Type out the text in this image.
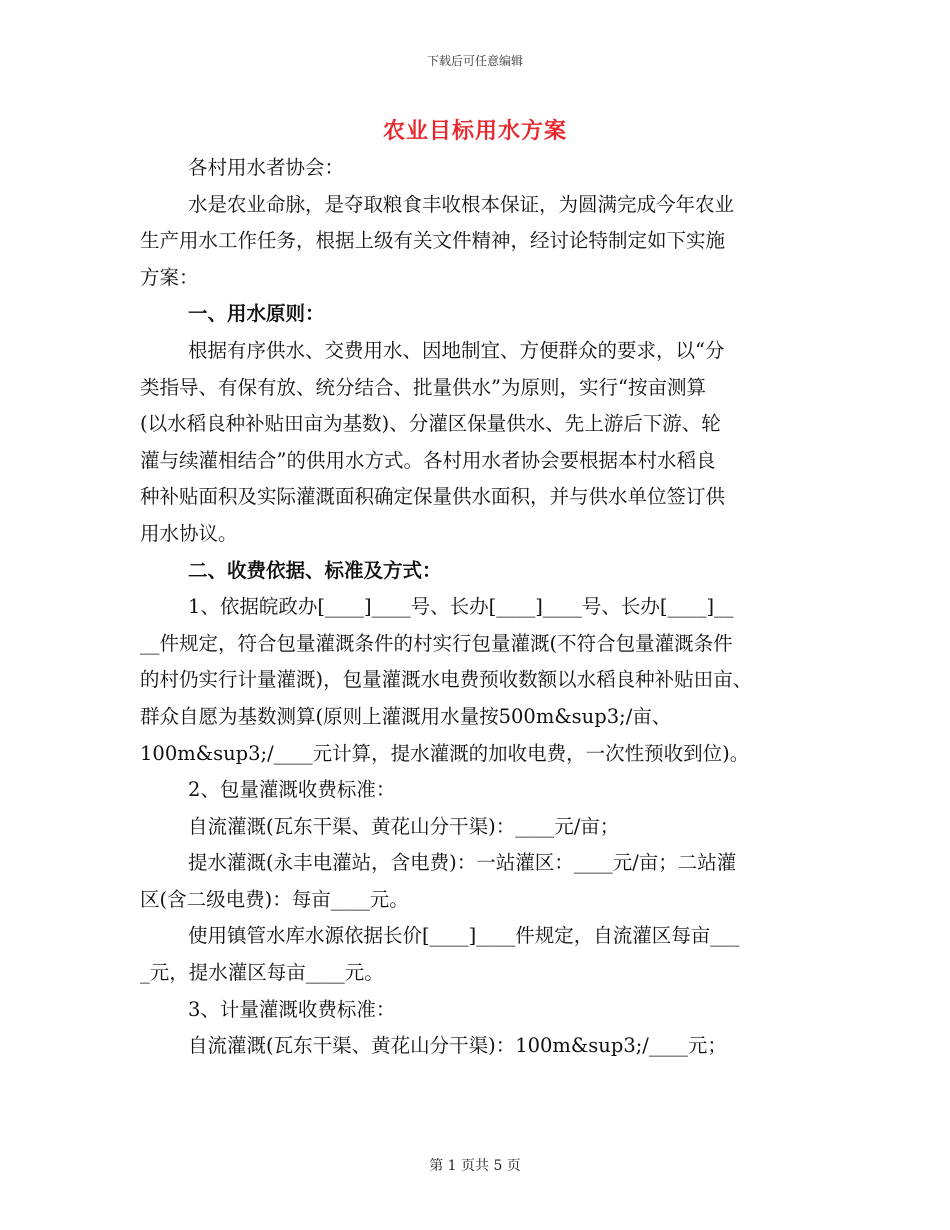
下载后可任意编辑
农业目标用水方案

各村用水者协会：

水是农业命脉，是夺取粮食丰收根本保证，为圆满完成今年农业

生产用水工作任务，根据上级有关文件精神，经讨论特制定如下实施

方案：

一、用水原则：

根据有序供水、交费用水、因地制宜、方便群众的要求，以“分

类指导、有保有放、统分结合、批量供水”为原则，实行“按亩测算

(以水稻良种补贴田亩为基数)、分灌区保量供水、先上游后下游、轮

灌与续灌相结合”的供用水方式。各村用水者协会要根据本村水稻良

种补贴面积及实际灌溉面积确定保量供水面积，并与供水单位签订供

用水协议。

二、收费依据、标准及方式：

1、依据皖政办[____]____号、长办[____]____号、长办[____]__

__件规定，符合包量灌溉条件的村实行包量灌溉(不符合包量灌溉条件

的村仍实行计量灌溉)，包量灌溉水电费预收数额以水稻良种补贴田亩、

群众自愿为基数测算(原则上灌溉用水量按500m&sup3;/亩、

100m&sup3;/____元计算，提水灌溉的加收电费，一次性预收到位)。

2、包量灌溉收费标准：

自流灌溉(瓦东干渠、黄花山分干渠)：____元/亩；

提水灌溉(永丰电灌站，含电费)：一站灌区：____元/亩；二站灌

区(含二级电费)：每亩____元。

使用镇管水库水源依据长价[____]____件规定，自流灌区每亩___

_元，提水灌区每亩____元。

3、计量灌溉收费标准：

自流灌溉(瓦东干渠、黄花山分干渠)：100m&sup3;/____元；

第 1 页共 5 页
